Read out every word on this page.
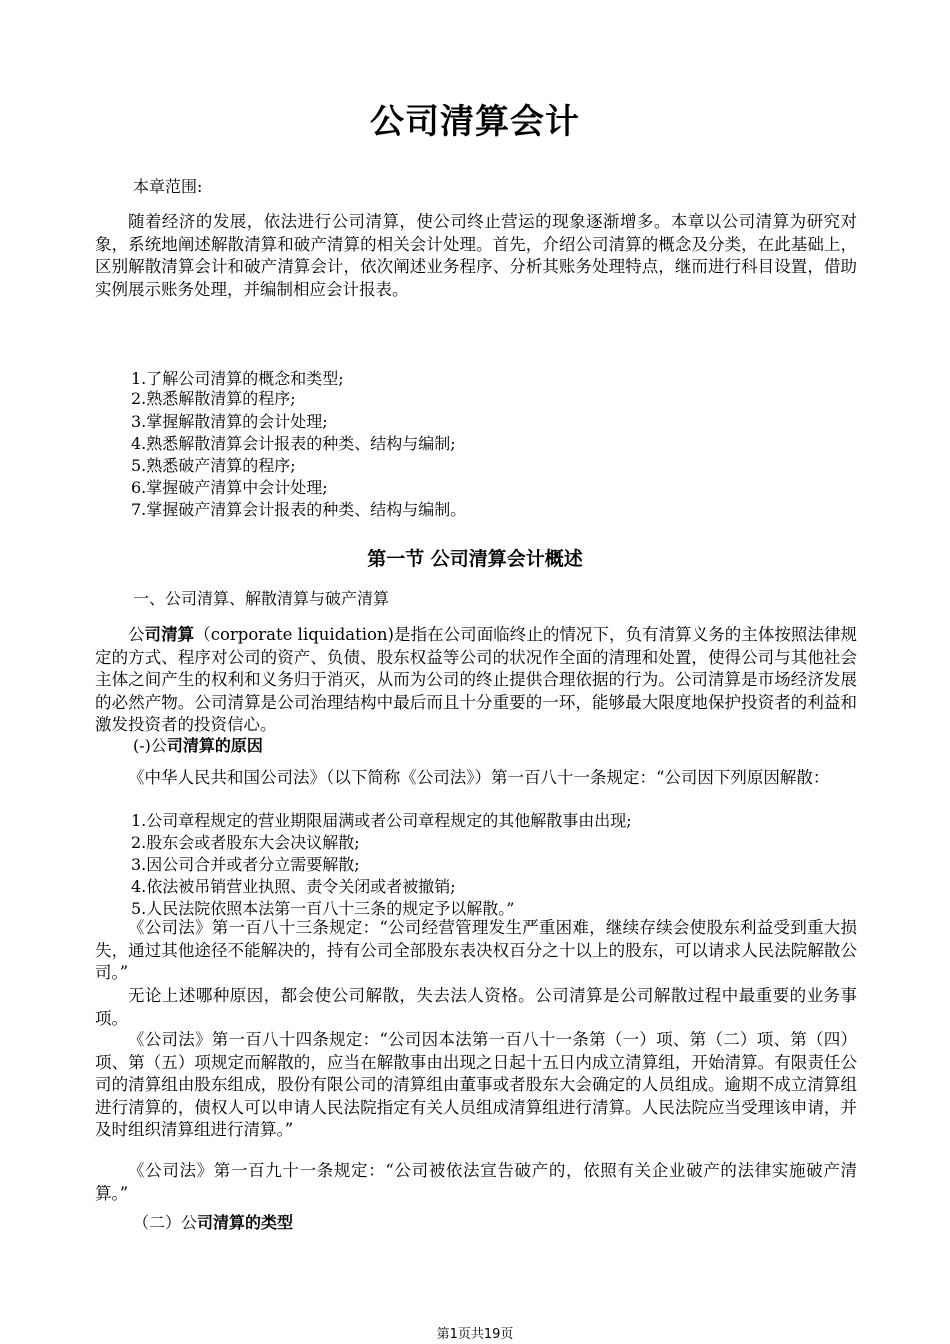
公司清算会计
本章范围:

随着经济的发展，依法进行公司清算，使公司终止营运的现象逐渐增多。本章以公司清算为研究对象，系统地阐述解散清算和破产清算的相关会计处理。首先，介绍公司清算的概念及分类，在此基础上，区别解散清算会计和破产清算会计，依次阐述业务程序、分析其账务处理特点，继而进行科目设置，借助实例展示账务处理，并编制相应会计报表。

1.了解公司清算的概念和类型;
2.熟悉解散清算的程序;
3.掌握解散清算的会计处理;
4.熟悉解散清算会计报表的种类、结构与编制;
5.熟悉破产清算的程序;
6.掌握破产清算中会计处理;
7.掌握破产清算会计报表的种类、结构与编制。
第一节 公司清算会计概述
一、公司清算、解散清算与破产清算

公司清算（corporate liquidation)是指在公司面临终止的情况下，负有清算义务的主体按照法律规定的方式、程序对公司的资产、负债、股东权益等公司的状况作全面的清理和处置，使得公司与其他社会主体之间产生的权利和义务归于消灭，从而为公司的终止提供合理依据的行为。公司清算是市场经济发展的必然产物。公司清算是公司治理结构中最后而且十分重要的一环，能够最大限度地保护投资者的利益和激发投资者的投资信心。

(-)公司清算的原因

《中华人民共和国公司法》（以下简称《公司法》）第一百八十一条规定：“公司因下列原因解散：

1.公司章程规定的营业期限届满或者公司章程规定的其他解散事由出现;
2.股东会或者股东大会决议解散;
3.因公司合并或者分立需要解散;
4.依法被吊销营业执照、责令关闭或者被撤销;
5.人民法院依照本法第一百八十三条的规定予以解散。”

《公司法》第一百八十三条规定：“公司经营管理发生严重困难，继续存续会使股东利益受到重大损失，通过其他途径不能解决的，持有公司全部股东表决权百分之十以上的股东，可以请求人民法院解散公司。”

无论上述哪种原因，都会使公司解散，失去法人资格。公司清算是公司解散过程中最重要的业务事项。

《公司法》第一百八十四条规定：“公司因本法第一百八十一条第（一）项、第（二）项、第（四）项、第（五）项规定而解散的，应当在解散事由出现之日起十五日内成立清算组，开始清算。有限责任公司的清算组由股东组成，股份有限公司的清算组由董事或者股东大会确定的人员组成。逾期不成立清算组进行清算的，债权人可以申请人民法院指定有关人员组成清算组进行清算。人民法院应当受理该申请，并及时组织清算组进行清算。”

《公司法》第一百九十一条规定：“公司被依法宣告破产的，依照有关企业破产的法律实施破产清算。”

（二）公司清算的类型
第1页共19页
